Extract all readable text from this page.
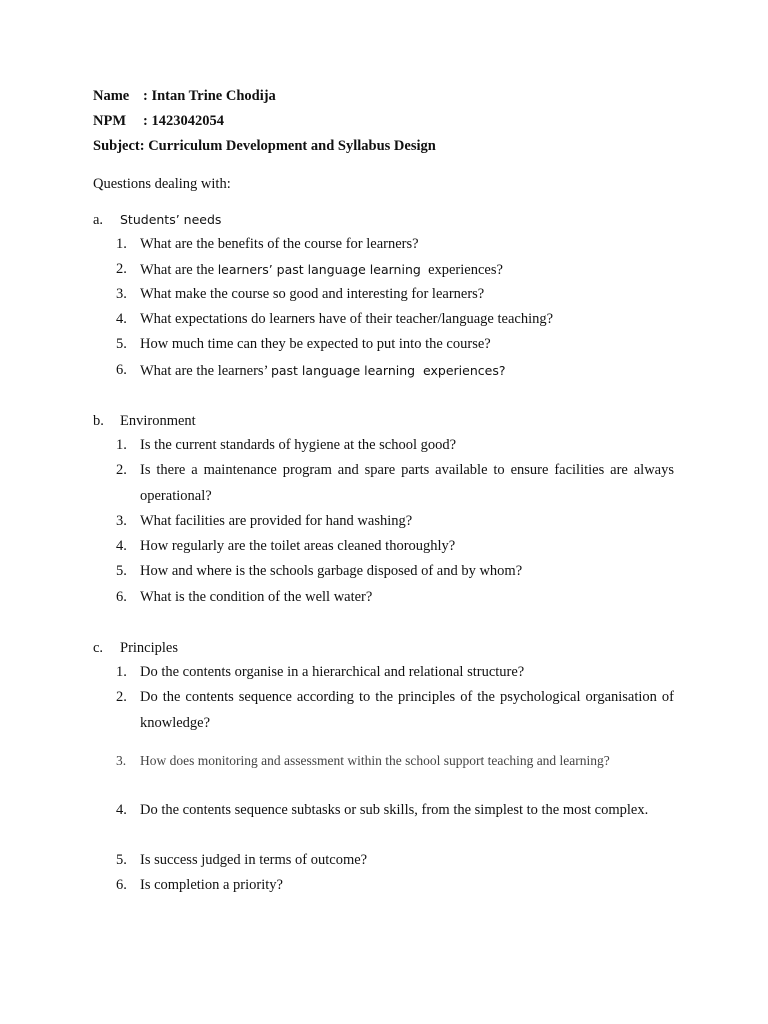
Name : Intan Trine Chodija
NPM : 1423042054
Subject: Curriculum Development and Syllabus Design
Questions dealing with:
a. Students’ needs
1. What are the benefits of the course for learners?
2. What are the learners’ past language learning  experiences?
3. What make the course so good and interesting for learners?
4. What expectations do learners have of their teacher/language teaching?
5. How much time can they be expected to put into the course?
6. What are the learners’ past language learning  experiences?
b. Environment
1. Is the current standards of hygiene at the school good?
2. Is there a maintenance program and spare parts available to ensure facilities are always operational?
3. What facilities are provided for hand washing?
4. How regularly are the toilet areas cleaned thoroughly?
5. How and where is the schools garbage disposed of and by whom?
6. What is the condition of the well water?
c. Principles
1. Do the contents organise in a hierarchical and relational structure?
2. Do the contents sequence according to the principles of the psychological organisation of knowledge?
3.	How does monitoring and assessment within the school support teaching and learning?
4. Do the contents sequence subtasks or sub skills, from the simplest to the most complex.
5. Is success judged in terms of outcome?
6. Is completion a priority?
